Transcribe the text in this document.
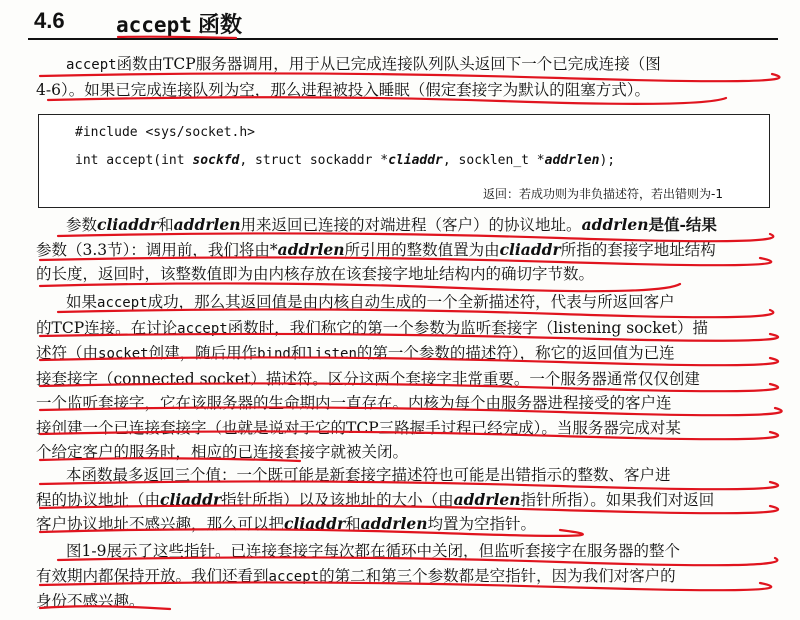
4.6 accept 函数
accept函数由TCP服务器调用，用于从已完成连接队列队头返回下一个已完成连接（图
4-6）。如果已完成连接队列为空，那么进程被投入睡眠（假定套接字为默认的阻塞方式）。
#include <sys/socket.h>
int accept(int sockfd, struct sockaddr *cliaddr, socklen_t *addrlen);
返回：若成功则为非负描述符，若出错则为-1
参数cliaddr和addrlen用来返回已连接的对端进程（客户）的协议地址。addrlen是值-结果
参数（3.3节）：调用前，我们将由*addrlen所引用的整数值置为由cliaddr所指的套接字地址结构
的长度，返回时，该整数值即为由内核存放在该套接字地址结构内的确切字节数。
如果accept成功，那么其返回值是由内核自动生成的一个全新描述符，代表与所返回客户
的TCP连接。在讨论accept函数时，我们称它的第一个参数为监听套接字（listening socket）描
述符（由socket创建，随后用作bind和listen的第一个参数的描述符），称它的返回值为已连
接套接字（connected socket）描述符。区分这两个套接字非常重要。一个服务器通常仅仅创建
一个监听套接字，它在该服务器的生命期内一直存在。内核为每个由服务器进程接受的客户连
接创建一个已连接套接字（也就是说对于它的TCP三路握手过程已经完成）。当服务器完成对某
个给定客户的服务时，相应的已连接套接字就被关闭。
本函数最多返回三个值：一个既可能是新套接字描述符也可能是出错指示的整数、客户进
程的协议地址（由cliaddr指针所指）以及该地址的大小（由addrlen指针所指）。如果我们对返回
客户协议地址不感兴趣，那么可以把cliaddr和addrlen均置为空指针。
图1-9展示了这些指针。已连接套接字每次都在循环中关闭，但监听套接字在服务器的整个
有效期内都保持开放。我们还看到accept的第二和第三个参数都是空指针，因为我们对客户的
身份不感兴趣。
